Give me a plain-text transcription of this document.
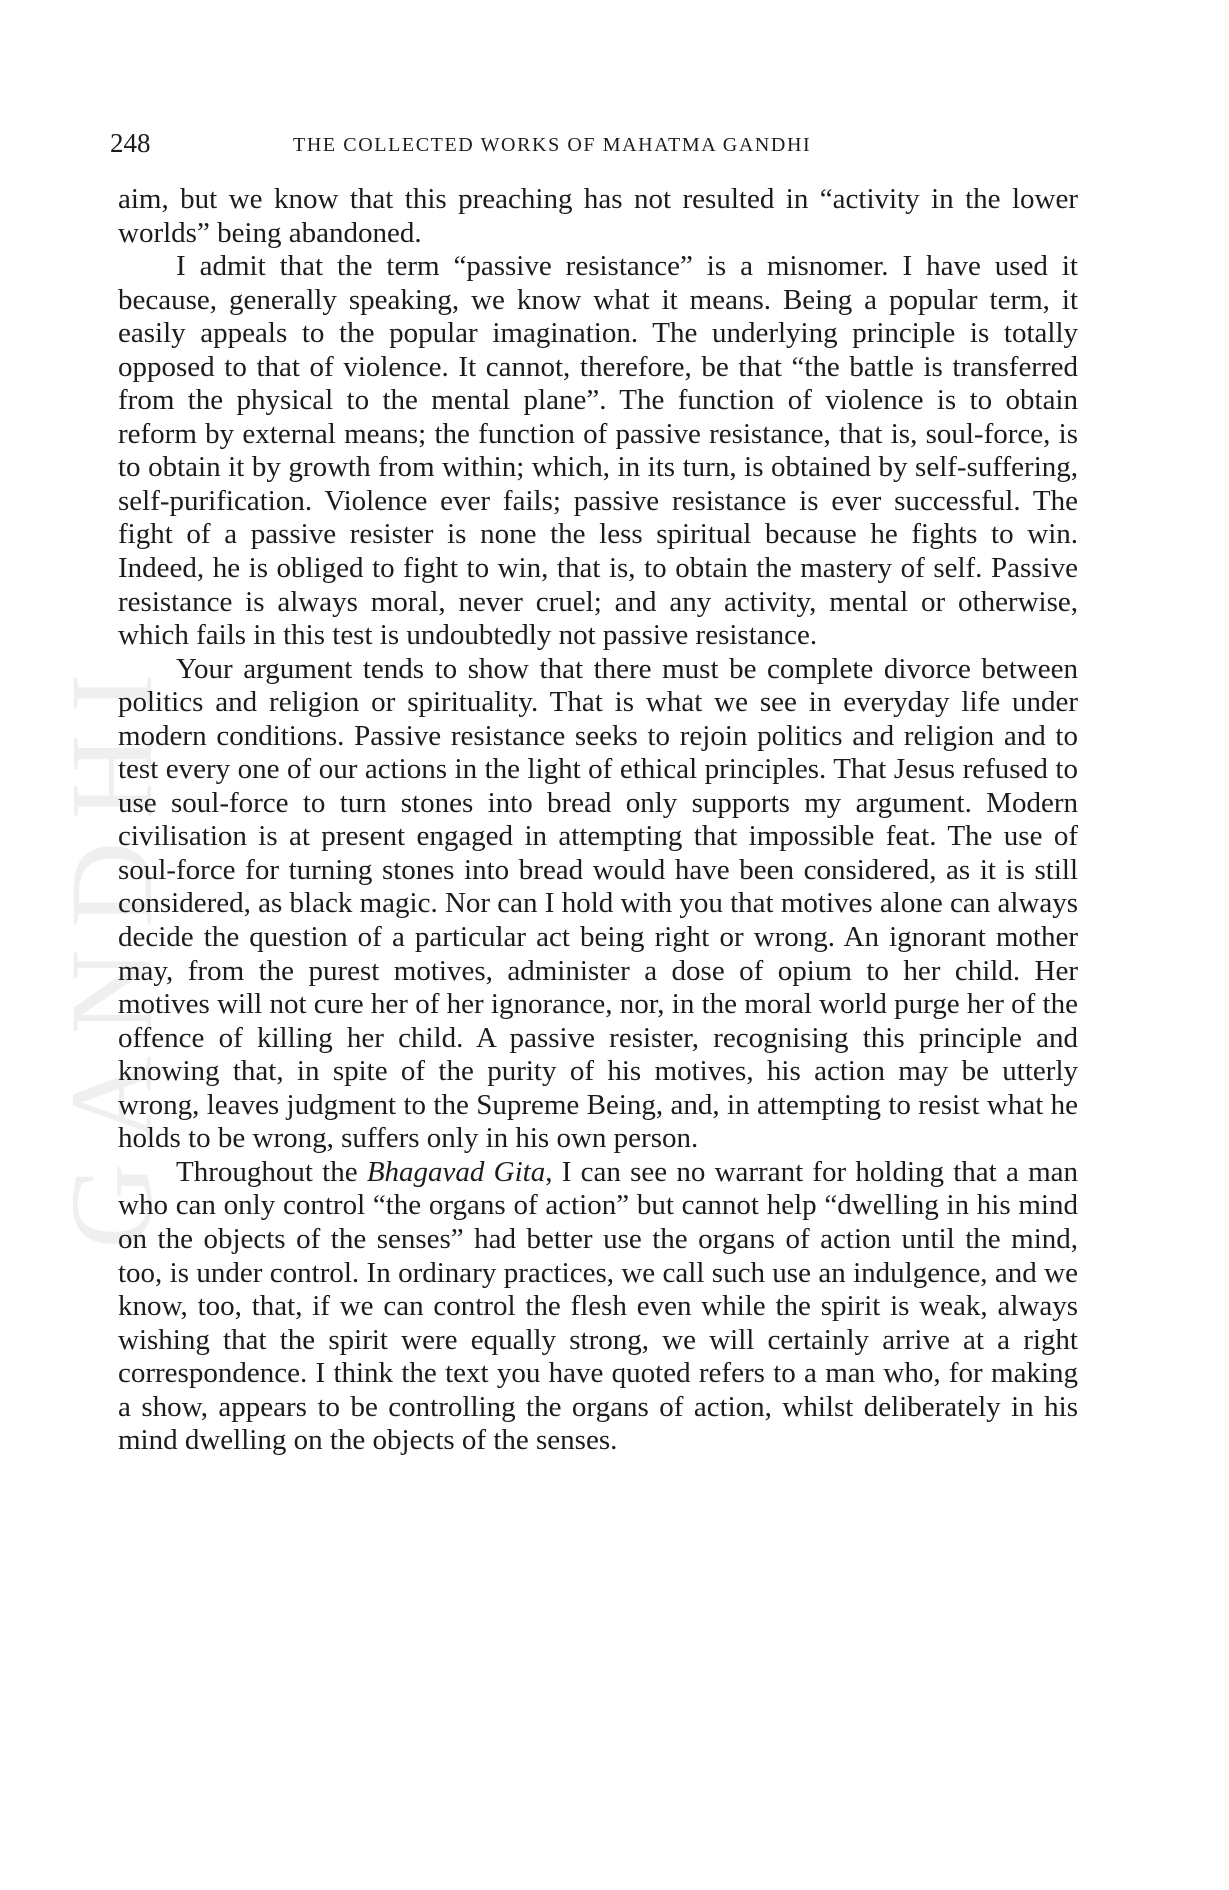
GANDHI
248	THE COLLECTED WORKS OF MAHATMA GANDHI

aim, but we know that this preaching has not resulted in “activity in the lower worlds” being abandoned.

I admit that the term “passive resistance” is a misnomer. I have used it because, generally speaking, we know what it means. Being a popular term, it easily appeals to the popular imagination. The underlying principle is totally opposed to that of violence. It cannot, therefore, be that “the battle is transferred from the physical to the mental plane”. The function of violence is to obtain reform by external means; the function of passive resistance, that is, soul-force, is to obtain it by growth from within; which, in its turn, is obtained by self-suffering, self-purification. Violence ever fails; passive resistance is ever successful. The fight of a passive resister is none the less spiritual because he fights to win. Indeed, he is obliged to fight to win, that is, to obtain the mastery of self. Passive resistance is always moral, never cruel; and any activity, mental or otherwise, which fails in this test is undoubtedly not passive resistance.

Your argument tends to show that there must be complete divorce between politics and religion or spirituality. That is what we see in everyday life under modern conditions. Passive resistance seeks to rejoin politics and religion and to test every one of our actions in the light of ethical principles. That Jesus refused to use soul-force to turn stones into bread only supports my argument. Modern civilisation is at present engaged in attempting that impossible feat. The use of soul-force for turning stones into bread would have been considered, as it is still considered, as black magic. Nor can I hold with you that motives alone can always decide the question of a particular act being right or wrong. An ignorant mother may, from the purest motives, administer a dose of opium to her child. Her motives will not cure her of her ignorance, nor, in the moral world purge her of the offence of killing her child. A passive resister, recognising this principle and knowing that, in spite of the purity of his motives, his action may be utterly wrong, leaves judgment to the Supreme Being, and, in attempting to resist what he holds to be wrong, suffers only in his own person.

Throughout the Bhagavad Gita, I can see no warrant for holding that a man who can only control “the organs of action” but cannot help “dwelling in his mind on the objects of the senses” had better use the organs of action until the mind, too, is under control. In ordinary practices, we call such use an indulgence, and we know, too, that, if we can control the flesh even while the spirit is weak, always wishing that the spirit were equally strong, we will certainly arrive at a right correspondence. I think the text you have quoted refers to a man who, for making a show, appears to be controlling the organs of action, whilst deliberately in his mind dwelling on the objects of the senses.
